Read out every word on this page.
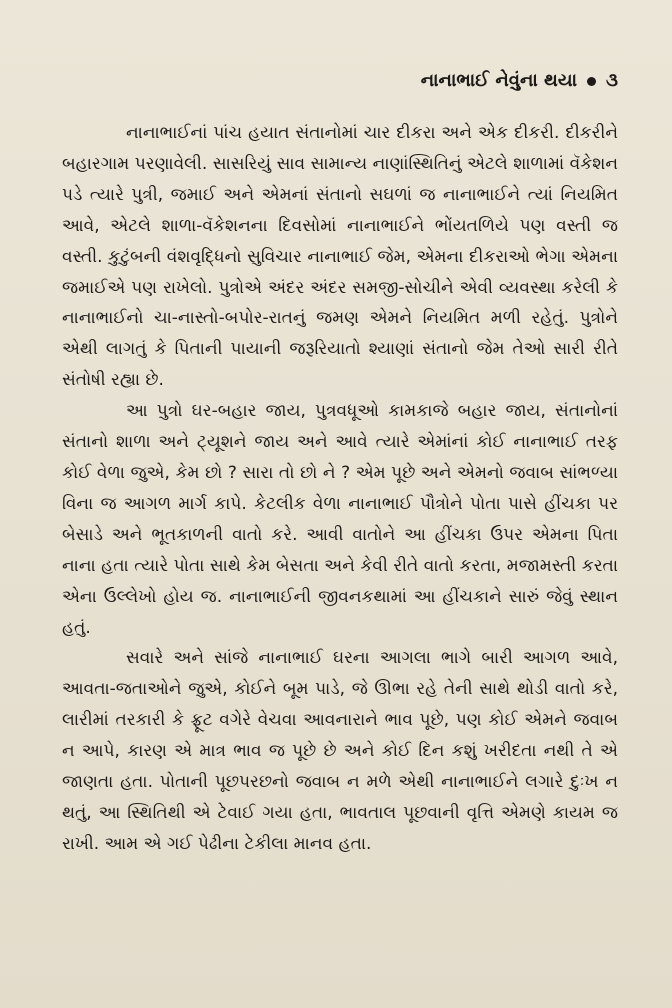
નાનાભાઈ નેવુંના થયા ૩

નાનાભાઈનાં પાંચ હયાત સંતાનોમાં ચાર દીકરા અને એક દીકરી. દીકરીને બહારગામ પરણાવેલી. સાસરિયું સાવ સામાન્ય નાણાંસ્થિતિનું એટલે શાળામાં વૅકેશન પડે ત્યારે પુત્રી, જમાઈ અને એમનાં સંતાનો સઘળાં જ નાનાભાઈને ત્યાં નિયમિત આવે, એટલે શાળા-વૅકેશનના દિવસોમાં નાનાભાઈને ભોંયતળિયે પણ વસ્તી જ વસ્તી. કુટુંબની વંશવૃદ્ધિનો સુવિચાર નાનાભાઈ જેમ, એમના દીકરાઓ ભેગા એમના જમાઈએ પણ રાખેલો. પુત્રોએ અંદર અંદર સમજી-સોચીને એવી વ્યવસ્થા કરેલી કે નાનાભાઈનો ચા-નાસ્તો-બપોર-રાતનું જમણ એમને નિયમિત મળી રહેતું. પુત્રોને એથી લાગતું કે પિતાની પાયાની જરૂરિયાતો શ્યાણાં સંતાનો જેમ તેઓ સારી રીતે સંતોષી રહ્યા છે.

આ પુત્રો ઘર-બહાર જાય, પુત્રવધૂઓ કામકાજે બહાર જાય, સંતાનોનાં સંતાનો શાળા અને ટ્યૂશને જાય અને આવે ત્યારે એમાંનાં કોઈ નાનાભાઈ તરફ કોઈ વેળા જુએ, કેમ છો ? સારા તો છો ને ? એમ પૂછે અને એમનો જવાબ સાંભળ્યા વિના જ આગળ માર્ગ કાપે. કેટલીક વેળા નાનાભાઈ પૌત્રોને પોતા પાસે હીંચકા પર બેસાડે અને ભૂતકાળની વાતો કરે. આવી વાતોને આ હીંચકા ઉપર એમના પિતા નાના હતા ત્યારે પોતા સાથે કેમ બેસતા અને કેવી રીતે વાતો કરતા, મજામસ્તી કરતા એના ઉલ્લેખો હોય જ. નાનાભાઈની જીવનકથામાં આ હીંચકાને સારું જેવું સ્થાન હતું.

સવારે અને સાંજે નાનાભાઈ ઘરના આગલા ભાગે બારી આગળ આવે, આવતા-જતાઓને જુએ, કોઈને બૂમ પાડે, જે ઊભા રહે તેની સાથે થોડી વાતો કરે, લારીમાં તરકારી કે ફ્રૂટ વગેરે વેચવા આવનારાને ભાવ પૂછે, પણ કોઈ એમને જવાબ ન આપે, કારણ એ માત્ર ભાવ જ પૂછે છે અને કોઈ દિન કશું ખરીદતા નથી તે એ જાણતા હતા. પોતાની પૂછપરછનો જવાબ ન મળે એથી નાનાભાઈને લગારે દુઃખ ન થતું, આ સ્થિતિથી એ ટેવાઈ ગયા હતા, ભાવતાલ પૂછવાની વૃત્તિ એમણે કાયમ જ રાખી. આમ એ ગઈ પેઢીના ટેકીલા માનવ હતા.
